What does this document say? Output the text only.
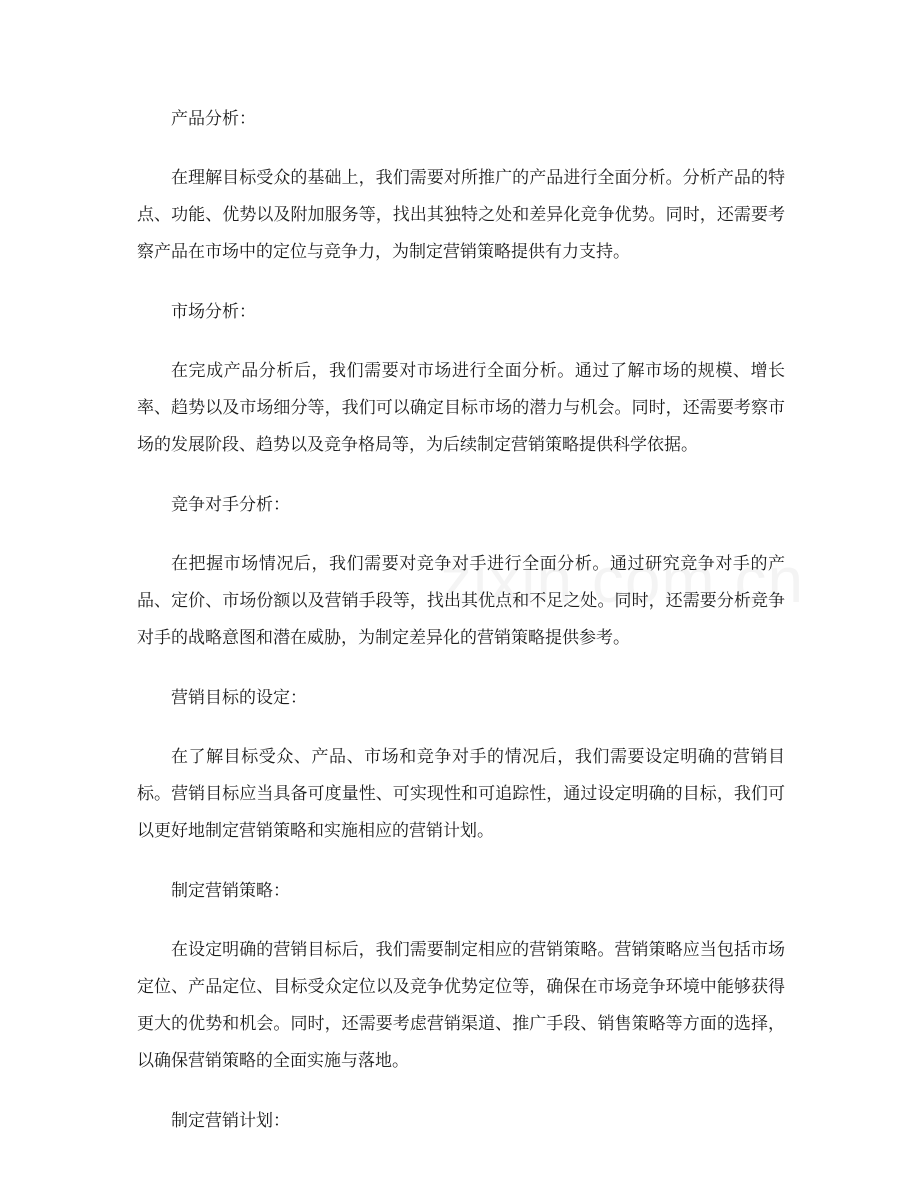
产品分析：
在理解目标受众的基础上，我们需要对所推广的产品进行全面分析。分析产品的特点、功能、优势以及附加服务等，找出其独特之处和差异化竞争优势。同时，还需要考察产品在市场中的定位与竞争力，为制定营销策略提供有力支持。
市场分析：
在完成产品分析后，我们需要对市场进行全面分析。通过了解市场的规模、增长率、趋势以及市场细分等，我们可以确定目标市场的潜力与机会。同时，还需要考察市场的发展阶段、趋势以及竞争格局等，为后续制定营销策略提供科学依据。
竞争对手分析：
在把握市场情况后，我们需要对竞争对手进行全面分析。通过研究竞争对手的产品、定价、市场份额以及营销手段等，找出其优点和不足之处。同时，还需要分析竞争对手的战略意图和潜在威胁，为制定差异化的营销策略提供参考。
营销目标的设定：
在了解目标受众、产品、市场和竞争对手的情况后，我们需要设定明确的营销目标。营销目标应当具备可度量性、可实现性和可追踪性，通过设定明确的目标，我们可以更好地制定营销策略和实施相应的营销计划。
制定营销策略：
在设定明确的营销目标后，我们需要制定相应的营销策略。营销策略应当包括市场定位、产品定位、目标受众定位以及竞争优势定位等，确保在市场竞争环境中能够获得更大的优势和机会。同时，还需要考虑营销渠道、推广手段、销售策略等方面的选择，以确保营销策略的全面实施与落地。
制定营销计划：
